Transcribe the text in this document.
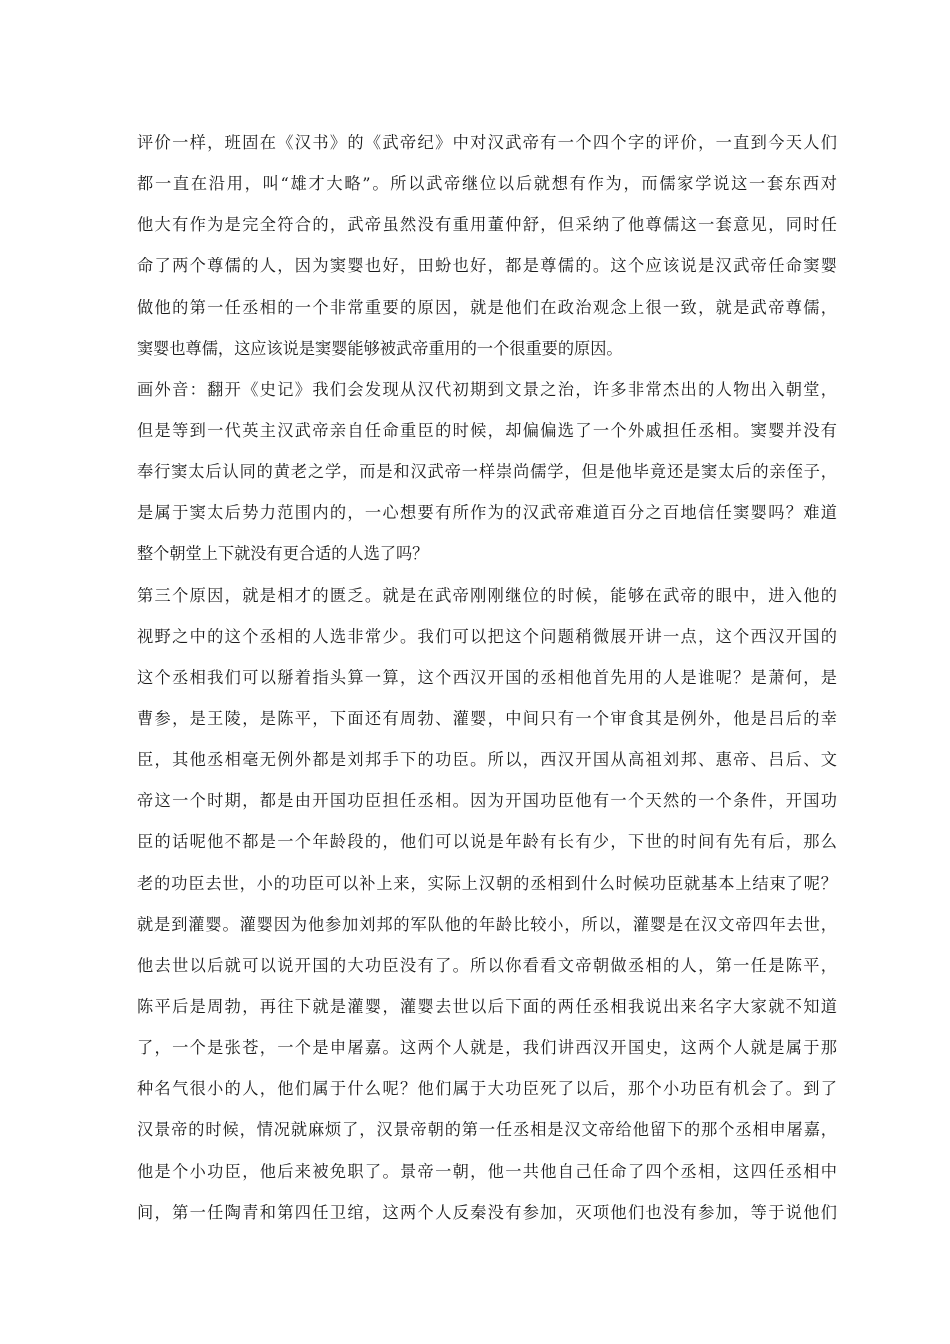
评价一样，班固在《汉书》的《武帝纪》中对汉武帝有一个四个字的评价，一直到今天人们
都一直在沿用，叫“雄才大略”。所以武帝继位以后就想有作为，而儒家学说这一套东西对
他大有作为是完全符合的，武帝虽然没有重用董仲舒，但采纳了他尊儒这一套意见，同时任
命了两个尊儒的人，因为窦婴也好，田蚡也好，都是尊儒的。这个应该说是汉武帝任命窦婴
做他的第一任丞相的一个非常重要的原因，就是他们在政治观念上很一致，就是武帝尊儒，
窦婴也尊儒，这应该说是窦婴能够被武帝重用的一个很重要的原因。
画外音：翻开《史记》我们会发现从汉代初期到文景之治，许多非常杰出的人物出入朝堂，
但是等到一代英主汉武帝亲自任命重臣的时候，却偏偏选了一个外戚担任丞相。窦婴并没有
奉行窦太后认同的黄老之学，而是和汉武帝一样崇尚儒学，但是他毕竟还是窦太后的亲侄子，
是属于窦太后势力范围内的，一心想要有所作为的汉武帝难道百分之百地信任窦婴吗？难道
整个朝堂上下就没有更合适的人选了吗？
第三个原因，就是相才的匮乏。就是在武帝刚刚继位的时候，能够在武帝的眼中，进入他的
视野之中的这个丞相的人选非常少。我们可以把这个问题稍微展开讲一点，这个西汉开国的
这个丞相我们可以掰着指头算一算，这个西汉开国的丞相他首先用的人是谁呢？是萧何，是
曹参，是王陵，是陈平，下面还有周勃、灌婴，中间只有一个审食其是例外，他是吕后的幸
臣，其他丞相毫无例外都是刘邦手下的功臣。所以，西汉开国从高祖刘邦、惠帝、吕后、文
帝这一个时期，都是由开国功臣担任丞相。因为开国功臣他有一个天然的一个条件，开国功
臣的话呢他不都是一个年龄段的，他们可以说是年龄有长有少，下世的时间有先有后，那么
老的功臣去世，小的功臣可以补上来，实际上汉朝的丞相到什么时候功臣就基本上结束了呢？
就是到灌婴。灌婴因为他参加刘邦的军队他的年龄比较小，所以，灌婴是在汉文帝四年去世，
他去世以后就可以说开国的大功臣没有了。所以你看看文帝朝做丞相的人，第一任是陈平，
陈平后是周勃，再往下就是灌婴，灌婴去世以后下面的两任丞相我说出来名字大家就不知道
了，一个是张苍，一个是申屠嘉。这两个人就是，我们讲西汉开国史，这两个人就是属于那
种名气很小的人，他们属于什么呢？他们属于大功臣死了以后，那个小功臣有机会了。到了
汉景帝的时候，情况就麻烦了，汉景帝朝的第一任丞相是汉文帝给他留下的那个丞相申屠嘉，
他是个小功臣，他后来被免职了。景帝一朝，他一共他自己任命了四个丞相，这四任丞相中
间，第一任陶青和第四任卫绾，这两个人反秦没有参加，灭项他们也没有参加，等于说他们
